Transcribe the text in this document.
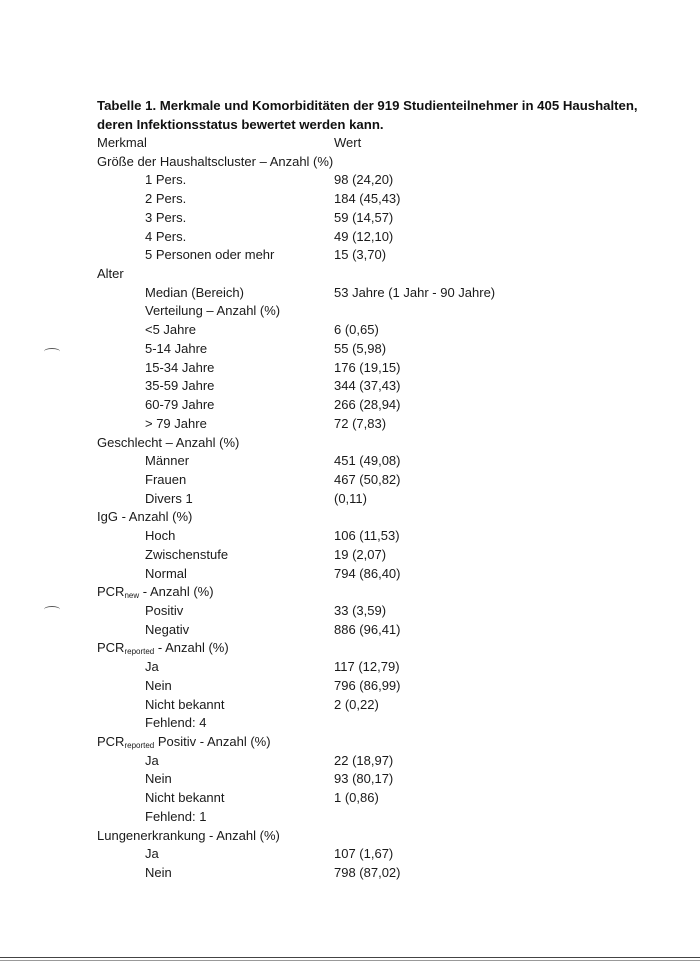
Tabelle 1. Merkmale und Komorbiditäten der 919 Studienteilnehmer in 405 Haushalten, deren Infektionsstatus bewertet werden kann.
Merkmal	Wert
Größe der Haushaltscluster – Anzahl (%)
1 Pers.	98 (24,20)
2 Pers.	184 (45,43)
3 Pers.	59 (14,57)
4 Pers.	49 (12,10)
5 Personen oder mehr	15 (3,70)
Alter
Median (Bereich)	53 Jahre (1 Jahr - 90 Jahre)
Verteilung – Anzahl (%)
<5 Jahre	6 (0,65)
5-14 Jahre	55 (5,98)
15-34 Jahre	176 (19,15)
35-59 Jahre	344 (37,43)
60-79 Jahre	266 (28,94)
> 79 Jahre	72 (7,83)
Geschlecht – Anzahl (%)
Männer	451 (49,08)
Frauen	467 (50,82)
Divers 1	(0,11)
IgG - Anzahl (%)
Hoch	106 (11,53)
Zwischenstufe	19 (2,07)
Normal	794 (86,40)
$PCR_{new}$ - Anzahl (%)
Positiv	33 (3,59)
Negativ	886 (96,41)
$PCR_{reported}$ - Anzahl (%)
Ja	117 (12,79)
Nein	796 (86,99)
Nicht bekannt	2 (0,22)
Fehlend: 4
$PCR_{reported}$ Positiv - Anzahl (%)
Ja	22 (18,97)
Nein	93 (80,17)
Nicht bekannt	1 (0,86)
Fehlend: 1
Lungenerkrankung - Anzahl (%)
Ja	107 (1,67)
Nein	798 (87,02)
